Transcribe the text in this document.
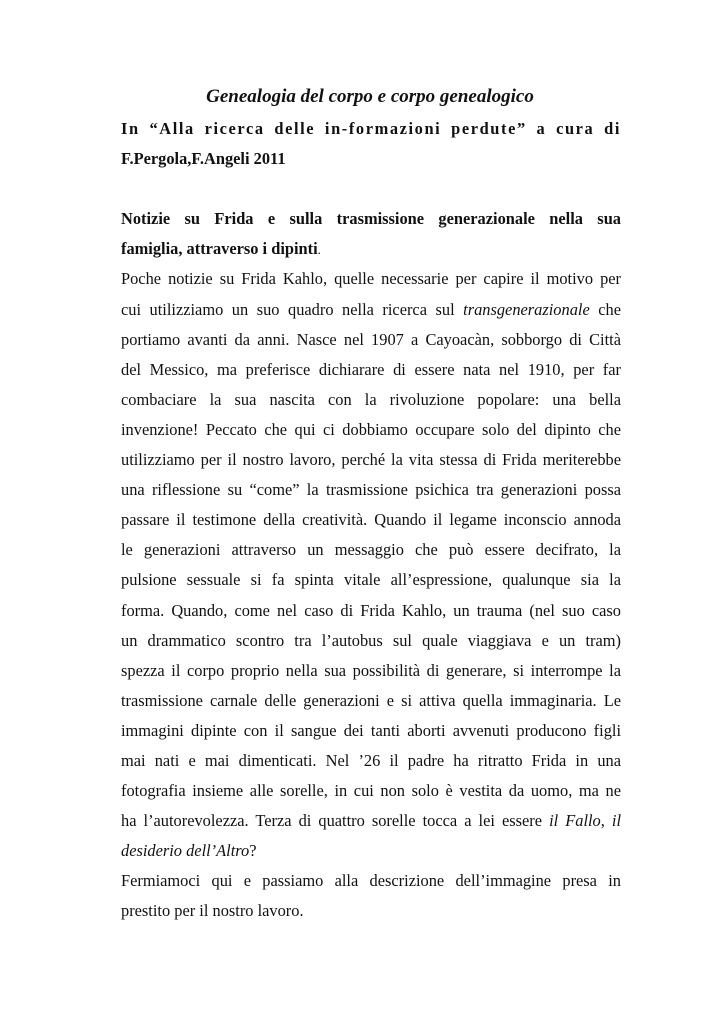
Genealogia del corpo e corpo genealogico
In “Alla ricerca delle in-formazioni perdute” a cura di
F.Pergola,F.Angeli 2011
Notizie su Frida e sulla trasmissione generazionale nella sua
famiglia, attraverso i dipinti.
Poche notizie su Frida Kahlo, quelle necessarie per capire il motivo per
cui utilizziamo un suo quadro nella ricerca sul transgenerazionale che
portiamo avanti da anni. Nasce nel 1907 a Cayoacàn, sobborgo di Città
del Messico, ma preferisce dichiarare di essere nata nel 1910, per far
combaciare la sua nascita con la rivoluzione popolare: una bella
invenzione! Peccato che qui ci dobbiamo occupare solo del dipinto che
utilizziamo per il nostro lavoro, perché la vita stessa di Frida meriterebbe
una riflessione su “come” la trasmissione psichica tra generazioni possa
passare il testimone della creatività. Quando il legame inconscio annoda
le generazioni attraverso un messaggio che può essere decifrato, la
pulsione sessuale si fa spinta vitale all’espressione, qualunque sia la
forma. Quando, come nel caso di Frida Kahlo, un trauma (nel suo caso
un drammatico scontro tra l’autobus sul quale viaggiava e un tram)
spezza il corpo proprio nella sua possibilità di generare, si interrompe la
trasmissione carnale delle generazioni e si attiva quella immaginaria. Le
immagini dipinte con il sangue dei tanti aborti avvenuti producono figli
mai nati e mai dimenticati. Nel ’26 il padre ha ritratto Frida in una
fotografia insieme alle sorelle, in cui non solo è vestita da uomo, ma ne
ha l’autorevolezza. Terza di quattro sorelle tocca a lei essere il Fallo, il
desiderio dell’Altro?
Fermiamoci qui e passiamo alla descrizione dell’immagine presa in
prestito per il nostro lavoro.
